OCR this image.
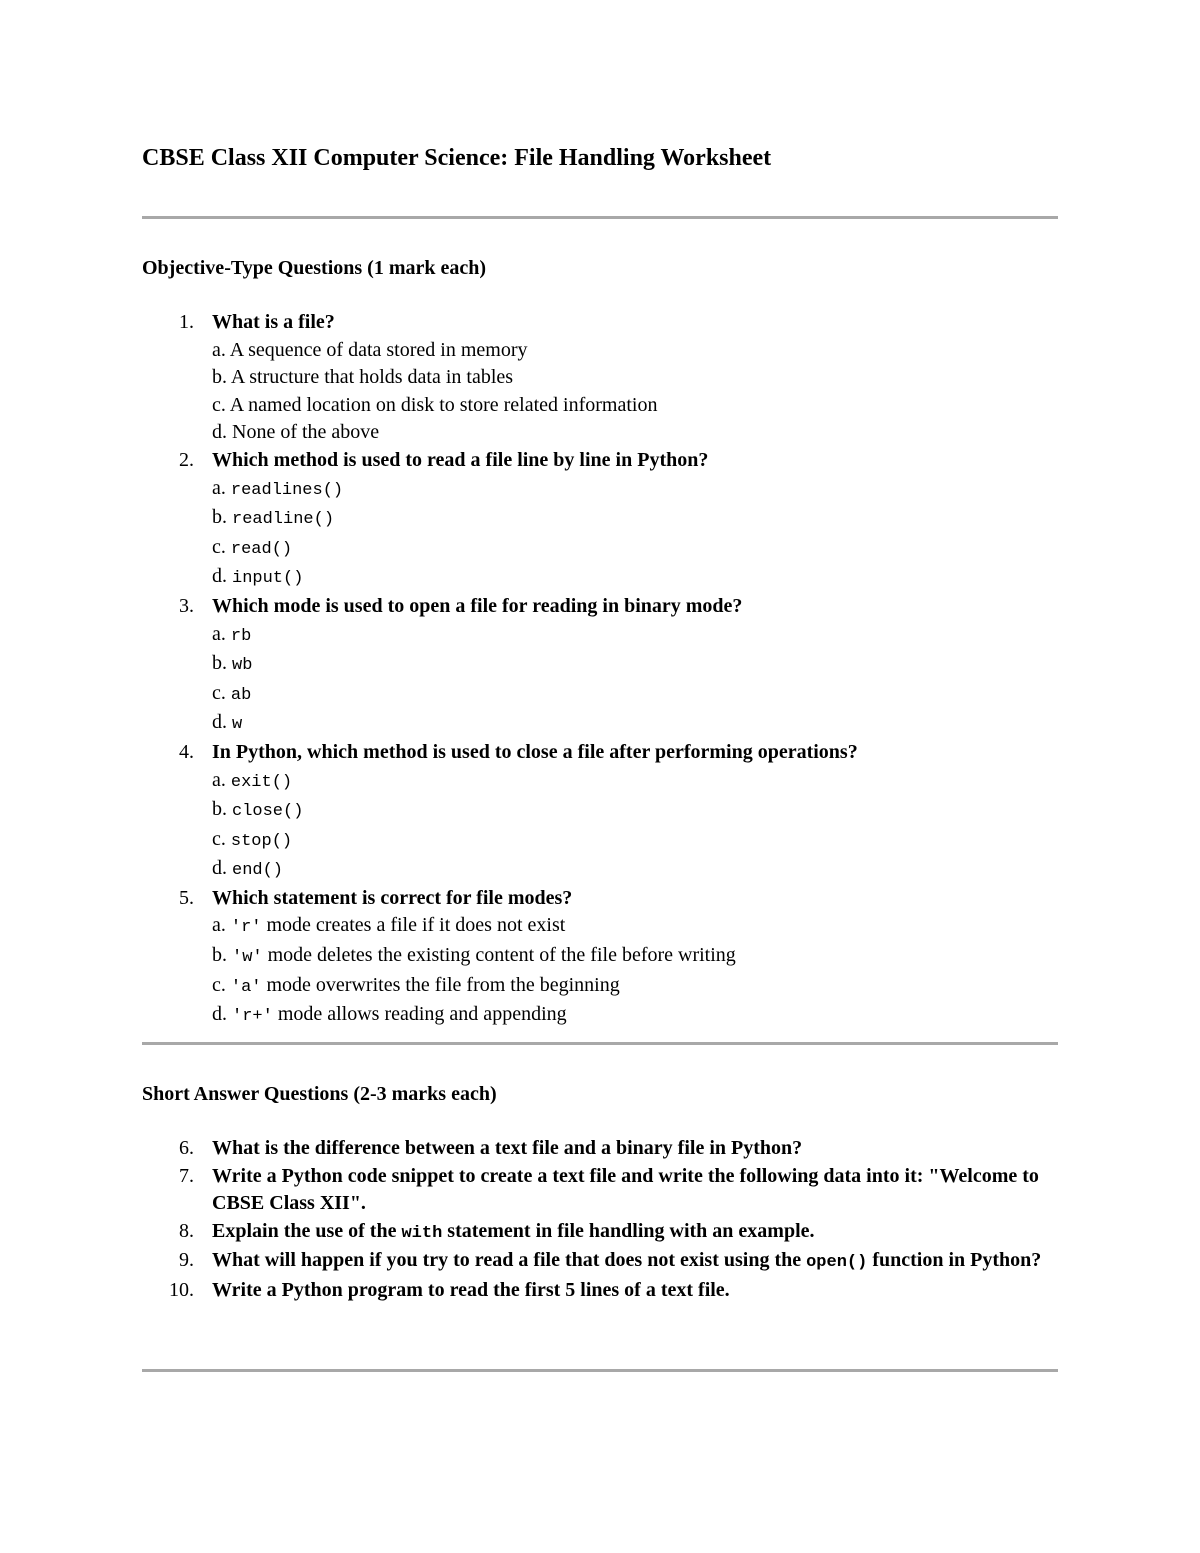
CBSE Class XII Computer Science: File Handling Worksheet
Objective-Type Questions (1 mark each)
1. What is a file?
a. A sequence of data stored in memory
b. A structure that holds data in tables
c. A named location on disk to store related information
d. None of the above
2. Which method is used to read a file line by line in Python?
a. readlines()
b. readline()
c. read()
d. input()
3. Which mode is used to open a file for reading in binary mode?
a. rb
b. wb
c. ab
d. w
4. In Python, which method is used to close a file after performing operations?
a. exit()
b. close()
c. stop()
d. end()
5. Which statement is correct for file modes?
a. 'r' mode creates a file if it does not exist
b. 'w' mode deletes the existing content of the file before writing
c. 'a' mode overwrites the file from the beginning
d. 'r+' mode allows reading and appending
Short Answer Questions (2-3 marks each)
6. What is the difference between a text file and a binary file in Python?
7. Write a Python code snippet to create a text file and write the following data into it: "Welcome to CBSE Class XII".
8. Explain the use of the with statement in file handling with an example.
9. What will happen if you try to read a file that does not exist using the open() function in Python?
10. Write a Python program to read the first 5 lines of a text file.
